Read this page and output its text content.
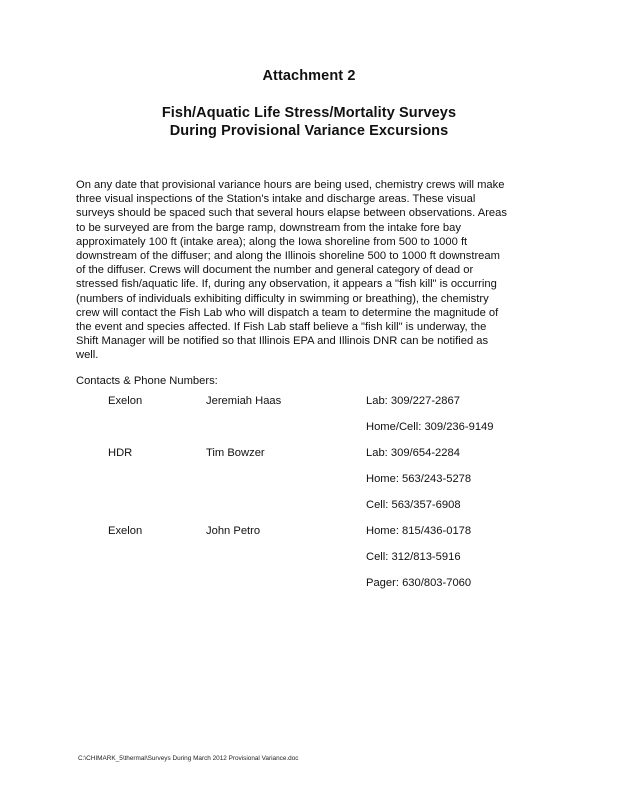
Attachment 2
Fish/Aquatic Life Stress/Mortality Surveys
During Provisional Variance Excursions
On any date that provisional variance hours are being used, chemistry crews will make
three visual inspections of the Station's intake and discharge areas. These visual
surveys should be spaced such that several hours elapse between observations. Areas
to be surveyed are from the barge ramp, downstream from the intake fore bay
approximately 100 ft (intake area); along the Iowa shoreline from 500 to 1000 ft
downstream of the diffuser; and along the Illinois shoreline 500 to 1000 ft downstream
of the diffuser. Crews will document the number and general category of dead or
stressed fish/aquatic life. If, during any observation, it appears a "fish kill" is occurring
(numbers of individuals exhibiting difficulty in swimming or breathing), the chemistry
crew will contact the Fish Lab who will dispatch a team to determine the magnitude of
the event and species affected. If Fish Lab staff believe a "fish kill" is underway, the
Shift Manager will be notified so that Illinois EPA and Illinois DNR can be notified as
well.
Contacts & Phone Numbers:
Exelon	Jeremiah Haas	Lab: 309/227-2867
Home/Cell: 309/236-9149
HDR	Tim Bowzer	Lab: 309/654-2284
Home: 563/243-5278
Cell: 563/357-6908
Exelon	John Petro	Home: 815/436-0178
Cell: 312/813-5916
Pager: 630/803-7060
C:\CHIMARK_5\thermal\Surveys During March 2012 Provisional Variance.doc
